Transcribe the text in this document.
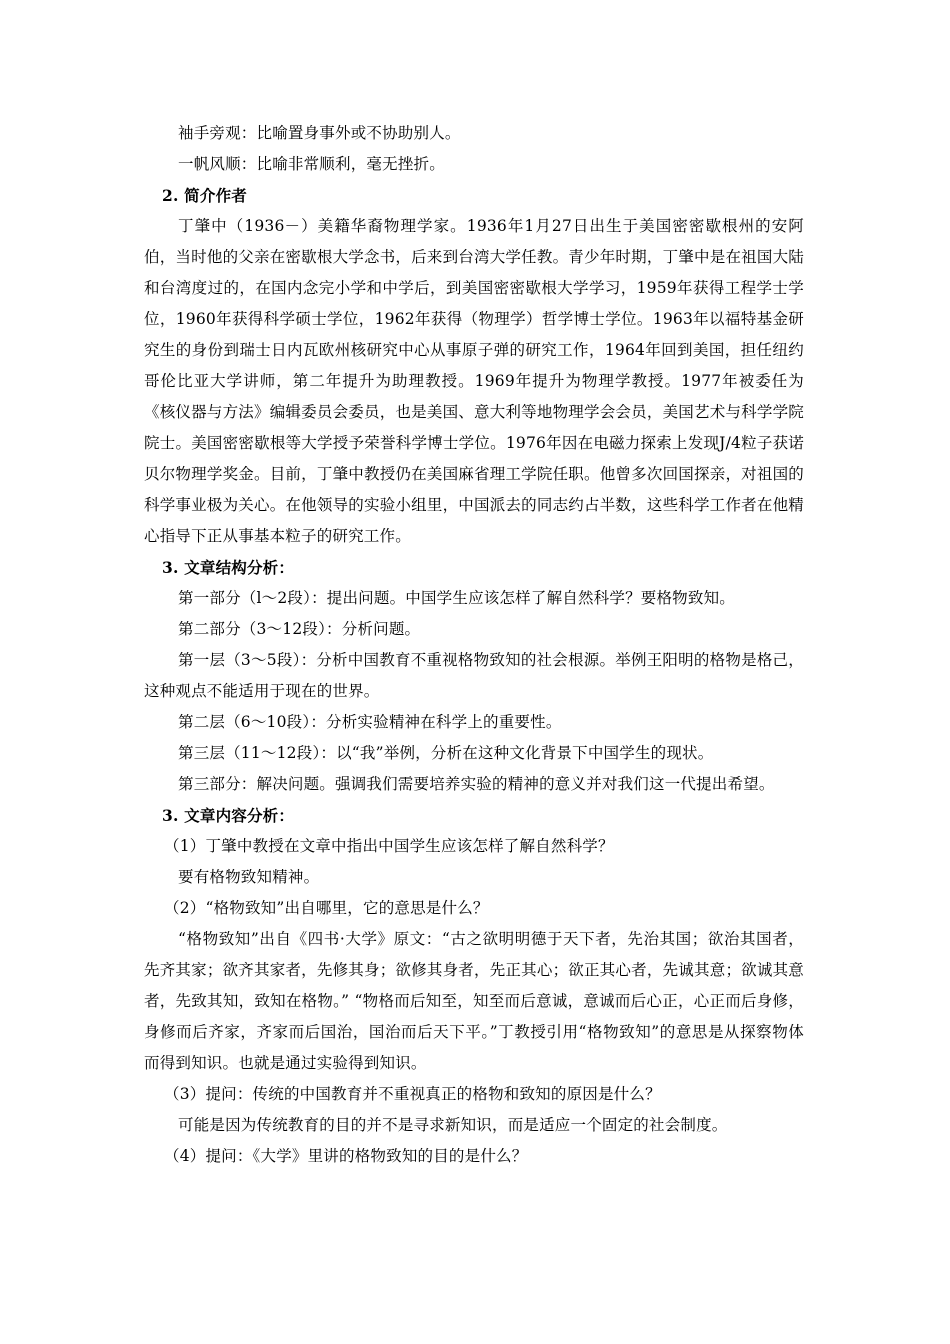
袖手旁观：比喻置身事外或不协助别人。
一帆风顺：比喻非常顺利，毫无挫折。
2. 简介作者

丁肇中（1936－）美籍华裔物理学家。1936年1月27日出生于美国密密歇根州的安阿伯，当时他的父亲在密歇根大学念书，后来到台湾大学任教。青少年时期，丁肇中是在祖国大陆和台湾度过的，在国内念完小学和中学后，到美国密密歇根大学学习，1959年获得工程学士学位，1960年获得科学硕士学位，1962年获得（物理学）哲学博士学位。1963年以福特基金研究生的身份到瑞士日内瓦欧州核研究中心从事原子弹的研究工作，1964年回到美国，担任纽约哥伦比亚大学讲师，第二年提升为助理教授。1969年提升为物理学教授。1977年被委任为《核仪器与方法》编辑委员会委员，也是美国、意大利等地物理学会会员，美国艺术与科学学院院士。美国密密歇根等大学授予荣誉科学博士学位。1976年因在电磁力探索上发现J/4粒子获诺贝尔物理学奖金。目前，丁肇中教授仍在美国麻省理工学院任职。他曾多次回国探亲，对祖国的科学事业极为关心。在他领导的实验小组里，中国派去的同志约占半数，这些科学工作者在他精心指导下正从事基本粒子的研究工作。

3. 文章结构分析：
第一部分（l～2段）：提出问题。中国学生应该怎样了解自然科学？要格物致知。
第二部分（3～12段）：分析问题。

第一层（3～5段）：分析中国教育不重视格物致知的社会根源。举例王阳明的格物是格己，这种观点不能适用于现在的世界。

第二层（6～10段）：分析实验精神在科学上的重要性。
第三层（11～12段）：以“我”举例，分析在这种文化背景下中国学生的现状。
第三部分：解决问题。强调我们需要培养实验的精神的意义并对我们这一代提出希望。
3. 文章内容分析：
（1）丁肇中教授在文章中指出中国学生应该怎样了解自然科学？
要有格物致知精神。
（2）“格物致知”出自哪里，它的意思是什么？

“格物致知”出自《四书·大学》原文：“古之欲明明德于天下者，先治其国；欲治其国者，先齐其家；欲齐其家者，先修其身；欲修其身者，先正其心；欲正其心者，先诚其意；欲诚其意者，先致其知，致知在格物。” “物格而后知至，知至而后意诚，意诚而后心正，心正而后身修，身修而后齐家，齐家而后国治，国治而后天下平。”丁教授引用“格物致知”的意思是从探察物体而得到知识。也就是通过实验得到知识。

（3）提问：传统的中国教育并不重视真正的格物和致知的原因是什么？
可能是因为传统教育的目的并不是寻求新知识，而是适应一个固定的社会制度。
（4）提问：《大学》里讲的格物致知的目的是什么？
